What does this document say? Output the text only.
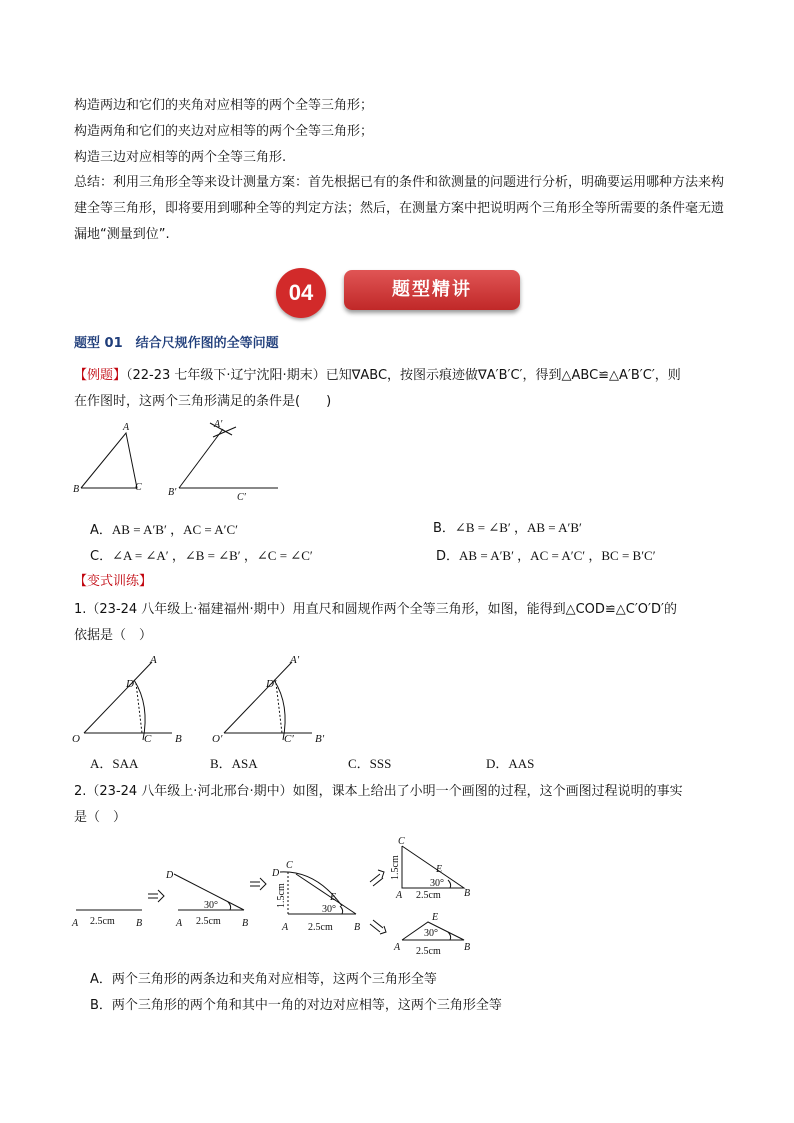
构造两边和它们的夹角对应相等的两个全等三角形；
构造两角和它们的夹边对应相等的两个全等三角形；
构造三边对应相等的两个全等三角形.
总结：利用三角形全等来设计测量方案：首先根据已有的条件和欲测量的问题进行分析，明确要运用哪种方法来构建全等三角形，即将要用到哪种全等的判定方法；然后，在测量方案中把说明两个三角形全等所需要的条件毫无遗漏地“测量到位”.
04	题型精讲
题型 01　结合尺规作图的全等问题
【例题】（22-23 七年级下·辽宁沈阳·期末）已知∇ABC，按图示痕迹做∇A′B′C′，得到△ABC≌△A′B′C′，则
在作图时，这两个三角形满足的条件是(　　)
A
B	C
A′
B′	C′
A．AB = A′B′ ，AC = A′C′	B．∠B = ∠B′ ，AB = A′B′
C．∠A = ∠A′ ，∠B = ∠B′ ，∠C = ∠C′	D．AB = A′B′ ，AC = A′C′ ，BC = B′C′
【变式训练】
1.（23-24 八年级上·福建福州·期中）用直尺和圆规作两个全等三角形，如图，能得到△COD≌△C′O′D′的
依据是（　）
O	C B
D
A
O′	C′ B′
D′
A′
A．SAA	B．ASA	C．SSS	D．AAS
2.（23-24 八年级上·河北邢台·期中）如图，课本上给出了小明一个画图的过程，这个画图过程说明的事实
是（　）
A 2.5cm B
D
A 2.5cm
30°
B
D
C
E
A 2.5cm
30°
B
1.5cm
C
E
A 2.5cm
30°
B
1.5cm
E
A 2.5cm
30°
B
A．两个三角形的两条边和夹角对应相等，这两个三角形全等
B．两个三角形的两个角和其中一角的对边对应相等，这两个三角形全等
